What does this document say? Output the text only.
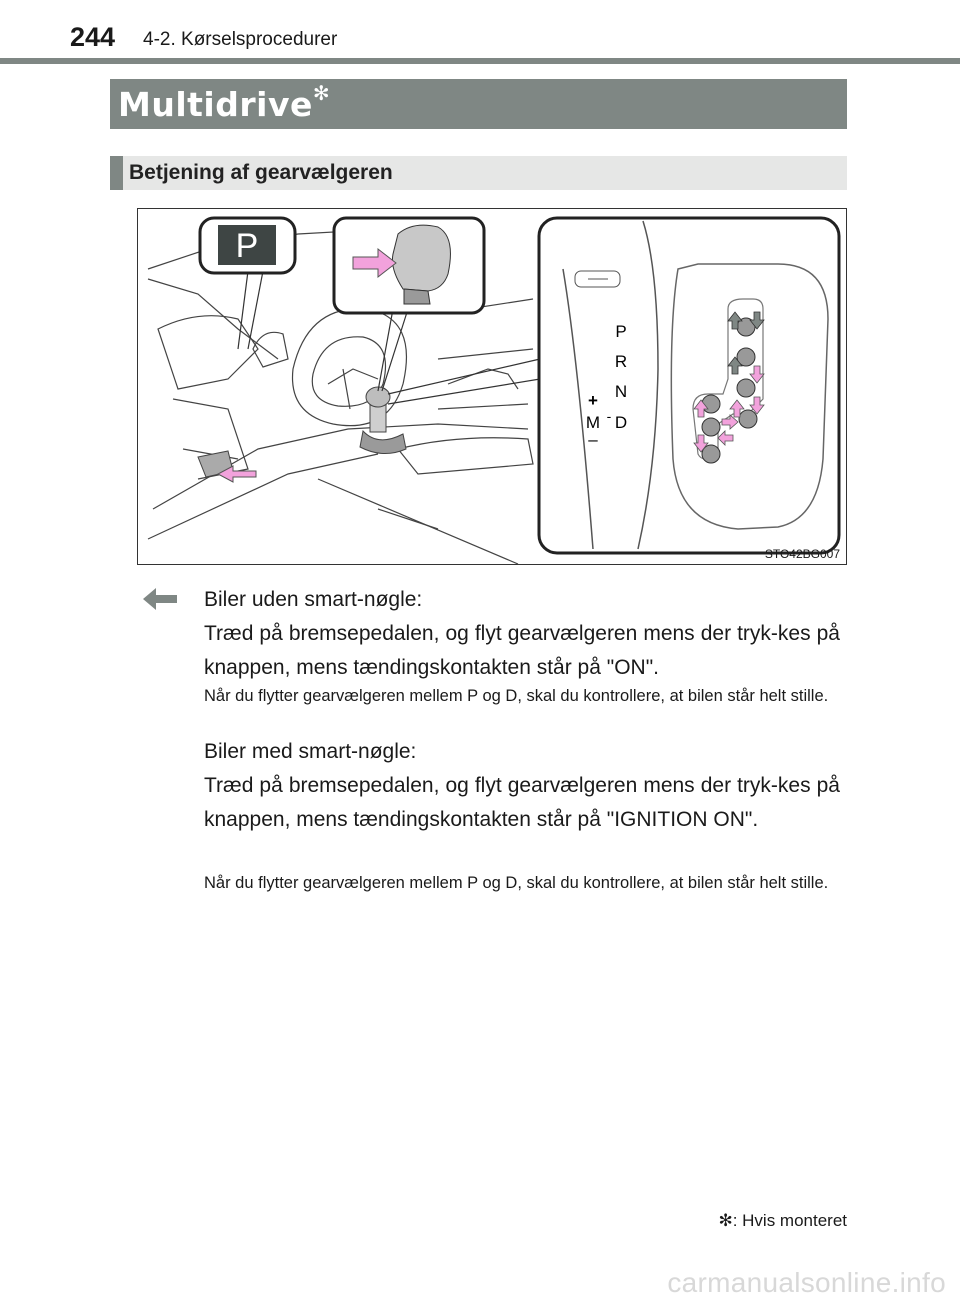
244 4-2. Kørselsprocedurer
Multidrive✻
Betjening af gearvælgeren
P
P
R
N
D
+
M -
–
STO42BG007
Biler uden smart-nøgle:
Træd på bremsepedalen, og flyt gearvælgeren mens der tryk-kes på knappen, mens tændingskontakten står på "ON".
Når du flytter gearvælgeren mellem P og D, skal du kontrollere, at bilen står helt stille.
Biler med smart-nøgle:
Træd på bremsepedalen, og flyt gearvælgeren mens der tryk-kes på knappen, mens tændingskontakten står på "IGNITION ON".
Når du flytter gearvælgeren mellem P og D, skal du kontrollere, at bilen står helt stille.
✻: Hvis monteret
carmanualsonline.info
